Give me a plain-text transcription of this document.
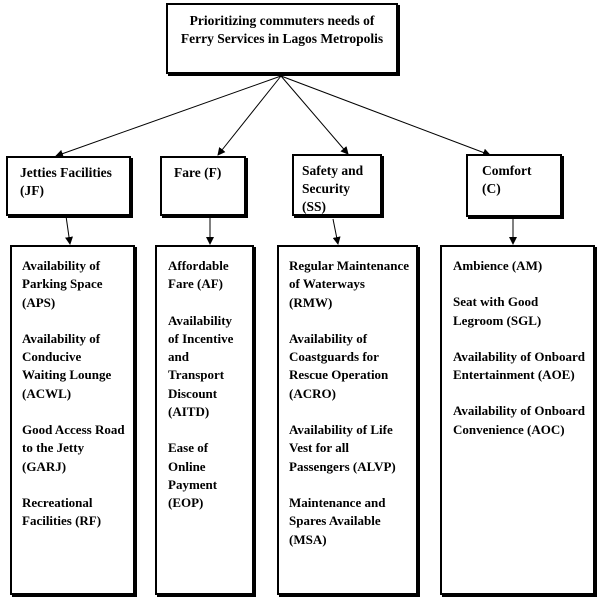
Prioritizing commuters needs of Ferry Services in Lagos Metropolis
Jetties Facilities (JF)
Fare (F)	Safety and Security (SS)
Comfort (C)
Availability of Parking Space (APS)
Availability of Conducive Waiting Lounge (ACWL)
Good Access Road to the Jetty (GARJ)
Recreational Facilities (RF)
Affordable Fare (AF)
Availability of Incentive and Transport Discount (AITD)
Ease of Online Payment (EOP)
Regular Maintenance of Waterways (RMW)
Availability of Coastguards for Rescue Operation (ACRO)
Availability of Life Vest for all Passengers (ALVP)
Maintenance and Spares Available (MSA)
Ambience (AM)
Seat with Good Legroom (SGL)
Availability of Onboard Entertainment (AOE)
Availability of Onboard Convenience (AOC)
